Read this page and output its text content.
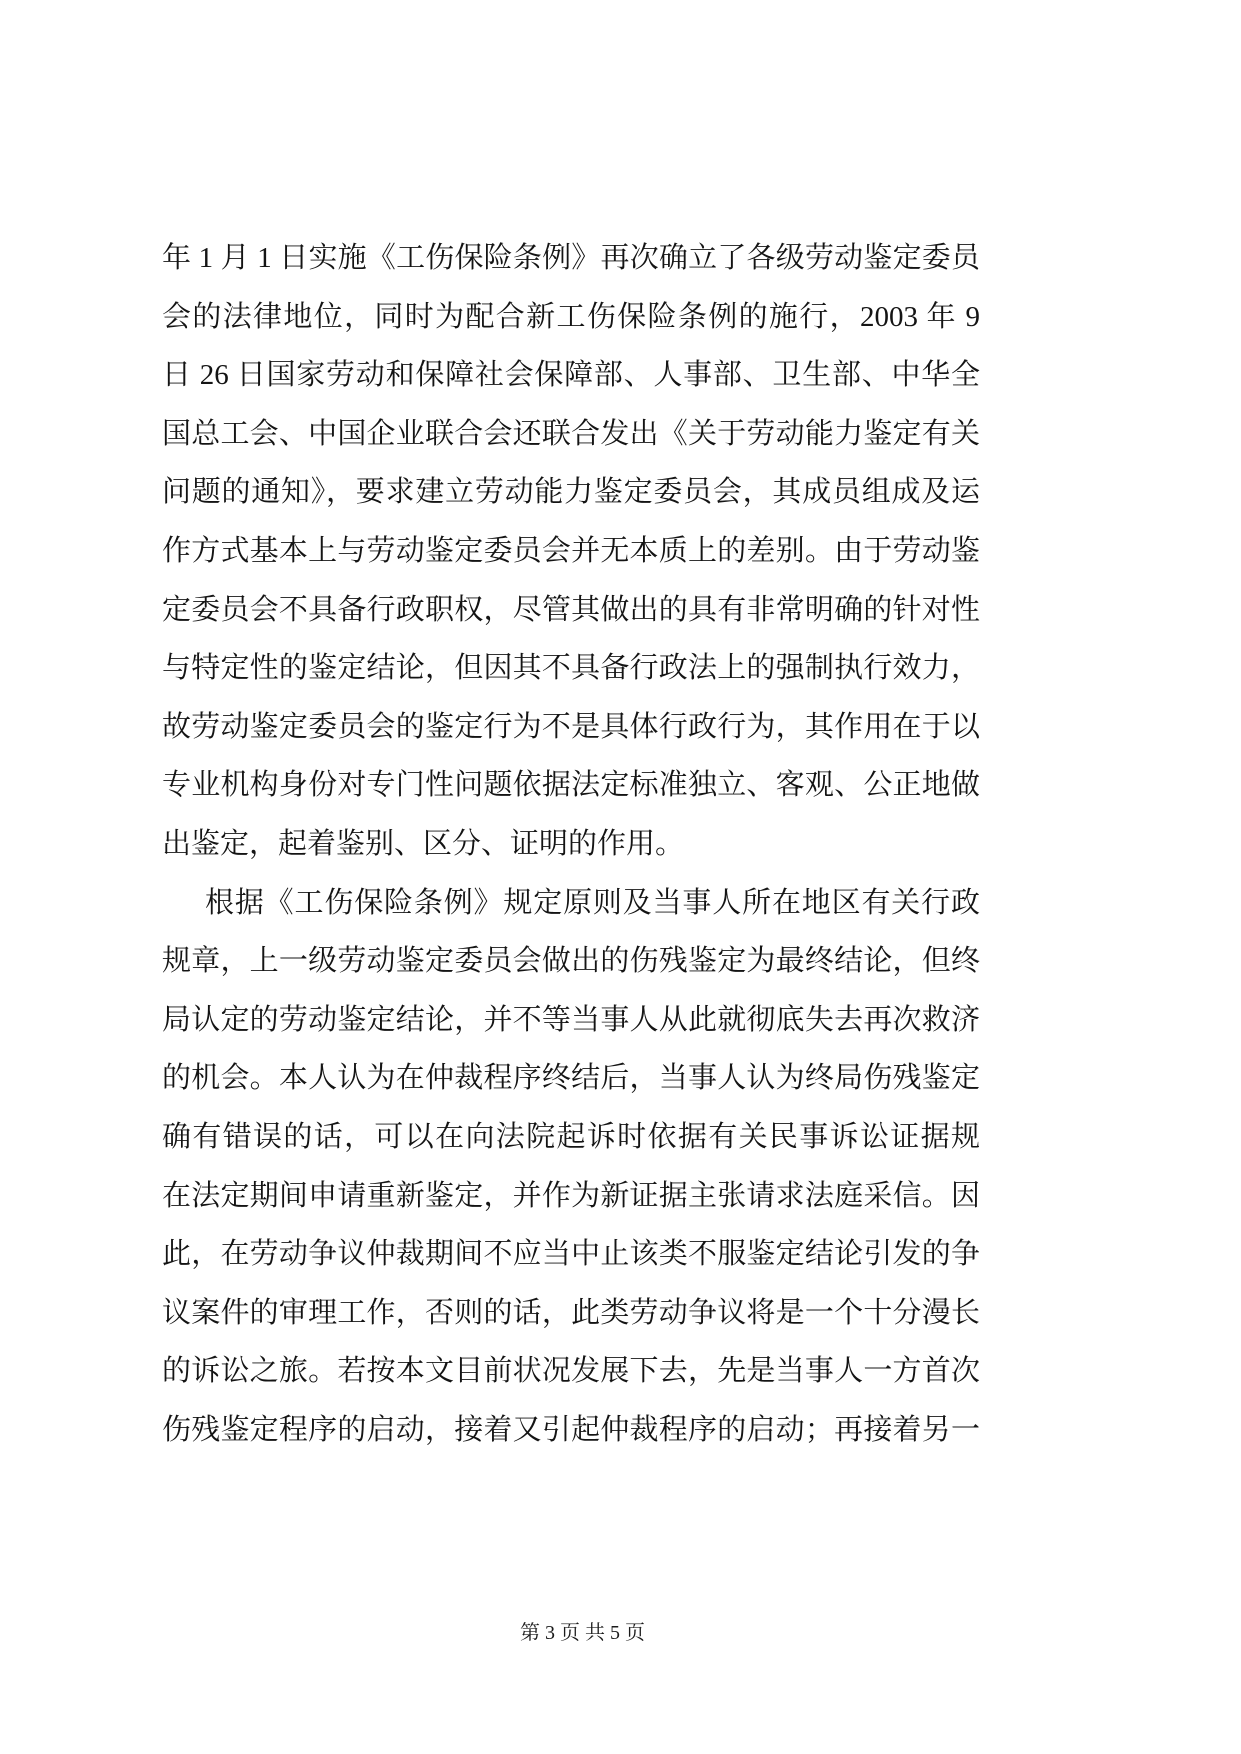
年 1 月 1 日实施《工伤保险条例》再次确立了各级劳动鉴定委员
会的法律地位，同时为配合新工伤保险条例的施行，2003 年 9
日 26 日国家劳动和保障社会保障部、人事部、卫生部、中华全
国总工会、中国企业联合会还联合发出《关于劳动能力鉴定有关
问题的通知》，要求建立劳动能力鉴定委员会，其成员组成及运
作方式基本上与劳动鉴定委员会并无本质上的差别。由于劳动鉴
定委员会不具备行政职权，尽管其做出的具有非常明确的针对性
与特定性的鉴定结论，但因其不具备行政法上的强制执行效力，
故劳动鉴定委员会的鉴定行为不是具体行政行为，其作用在于以
专业机构身份对专门性问题依据法定标准独立、客观、公正地做
出鉴定，起着鉴别、区分、证明的作用。
根据《工伤保险条例》规定原则及当事人所在地区有关行政
规章，上一级劳动鉴定委员会做出的伤残鉴定为最终结论，但终
局认定的劳动鉴定结论，并不等当事人从此就彻底失去再次救济
的机会。本人认为在仲裁程序终结后，当事人认为终局伤残鉴定
确有错误的话，可以在向法院起诉时依据有关民事诉讼证据规
在法定期间申请重新鉴定，并作为新证据主张请求法庭采信。因
此，在劳动争议仲裁期间不应当中止该类不服鉴定结论引发的争
议案件的审理工作，否则的话，此类劳动争议将是一个十分漫长
的诉讼之旅。若按本文目前状况发展下去，先是当事人一方首次
伤残鉴定程序的启动，接着又引起仲裁程序的启动；再接着另一
第 3 页 共 5 页
